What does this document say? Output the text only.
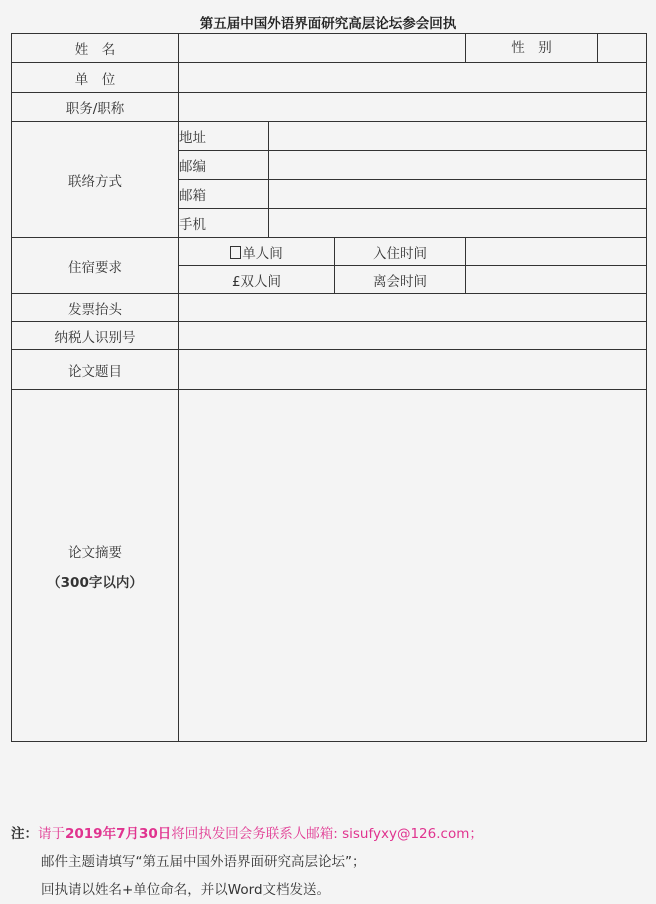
第五届中国外语界面研究高层论坛参会回执
姓　名				性　别

单　位				
职务/职称				
联络方式	地址			
	邮编			
	邮箱			
	手机			
住宿要求	单人间		入住时间	
	£双人间		离会时间	
发票抬头				
纳税人识别号				
论文题目				

论文摘要
（300字以内）				

注：请于2019年7月30日将回执发回会务联系人邮箱: sisufyxy@126.com；
邮件主题请填写“第五届中国外语界面研究高层论坛”；
回执请以姓名+单位命名，并以Word文档发送。
